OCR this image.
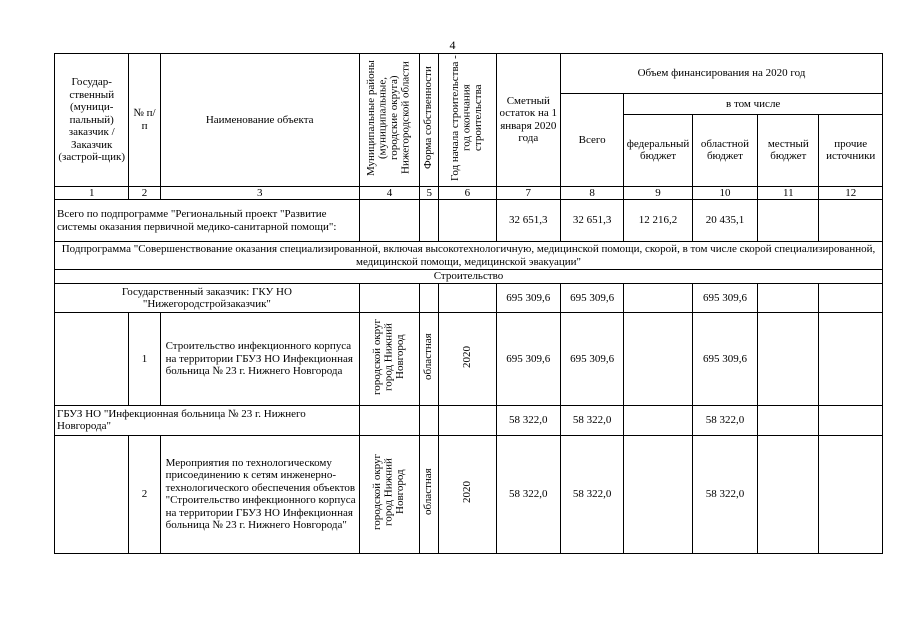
4
Государ-ственный (муници-пальный) заказчик /Заказчик (застрой-щик)	№ п/п	Наименование объекта	Муниципальные районы (муниципальные, городские округа) Нижегородской области	Форма собственности	Год начала строительства - год окончания строительства	Сметный остаток на 1 января 2020 года	Объем финансирования на 2020 год				
							Всего	в том числе			
								федеральный бюджет	областной бюджет	местный бюджет	прочие источники
1	2	3	4	5	6	7	8	9	10	11	12
Всего по подпрограмме "Региональный проект "Развитие системы оказания первичной медико-санитарной помощи":						32 651,3	32 651,3	12 216,2	20 435,1		
Подпрограмма "Совершенствование оказания специализированной, включая высокотехнологичную, медицинской помощи, скорой, в том числе скорой специализированной, медицинской помощи, медицинской эвакуации"											
Строительство											
Государственный заказчик: ГКУ НО "Нижегородстройзаказчик"						695 309,6	695 309,6		695 309,6		
	1	Строительство инфекционного корпуса на территории ГБУЗ НО Инфекционная больница № 23 г. Нижнего Новгорода	городской округ город Нижний Новгород	областная	2020	695 309,6	695 309,6		695 309,6		
ГБУЗ НО "Инфекционная больница № 23 г. Нижнего Новгорода"						58 322,0	58 322,0		58 322,0		
	2	Мероприятия по технологическому присоединению к сетям инженерно-технологического обеспечения объектов "Строительство инфекционного корпуса на территории ГБУЗ НО Инфекционная больница № 23 г. Нижнего Новгорода"	городской округ город Нижний Новгород	областная	2020	58 322,0	58 322,0		58 322,0		
